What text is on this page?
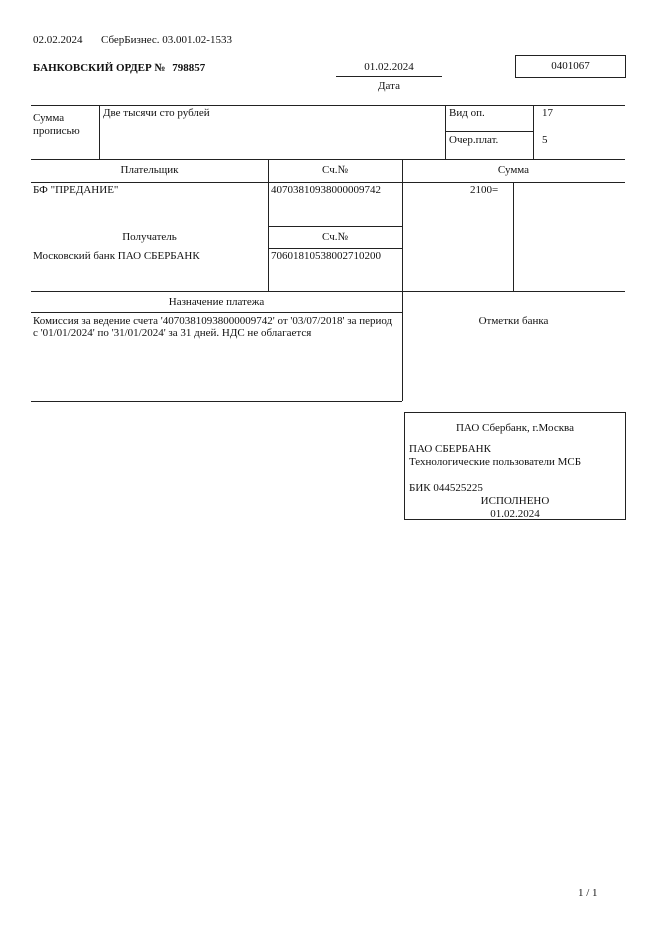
02.02.2024 СберБизнес. 03.001.02-1533
БАНКОВСКИЙ ОРДЕР № 798857	01.02.2024
Дата
0401067
Сумма прописью
Две тысячи сто рублей	Вид оп.	17
Очер.плат.	5
Плательщик	Сч.№	Сумма
БФ "ПРЕДАНИЕ"	40703810938000009742	2100=
Получатель	Сч.№
Московский банк ПАО СБЕРБАНК	70601810538002710200
Назначение платежа
Комиссия за ведение счета '40703810938000009742' от '03/07/2018' за период
с '01/01/2024' по '31/01/2024' за 31 дней. НДС не облагается
Отметки банка
ПАО Сбербанк, г.Москва
ПАО СБЕРБАНК
Технологические пользователи МСБ
БИК 044525225
ИСПОЛНЕНО
01.02.2024
1 / 1
